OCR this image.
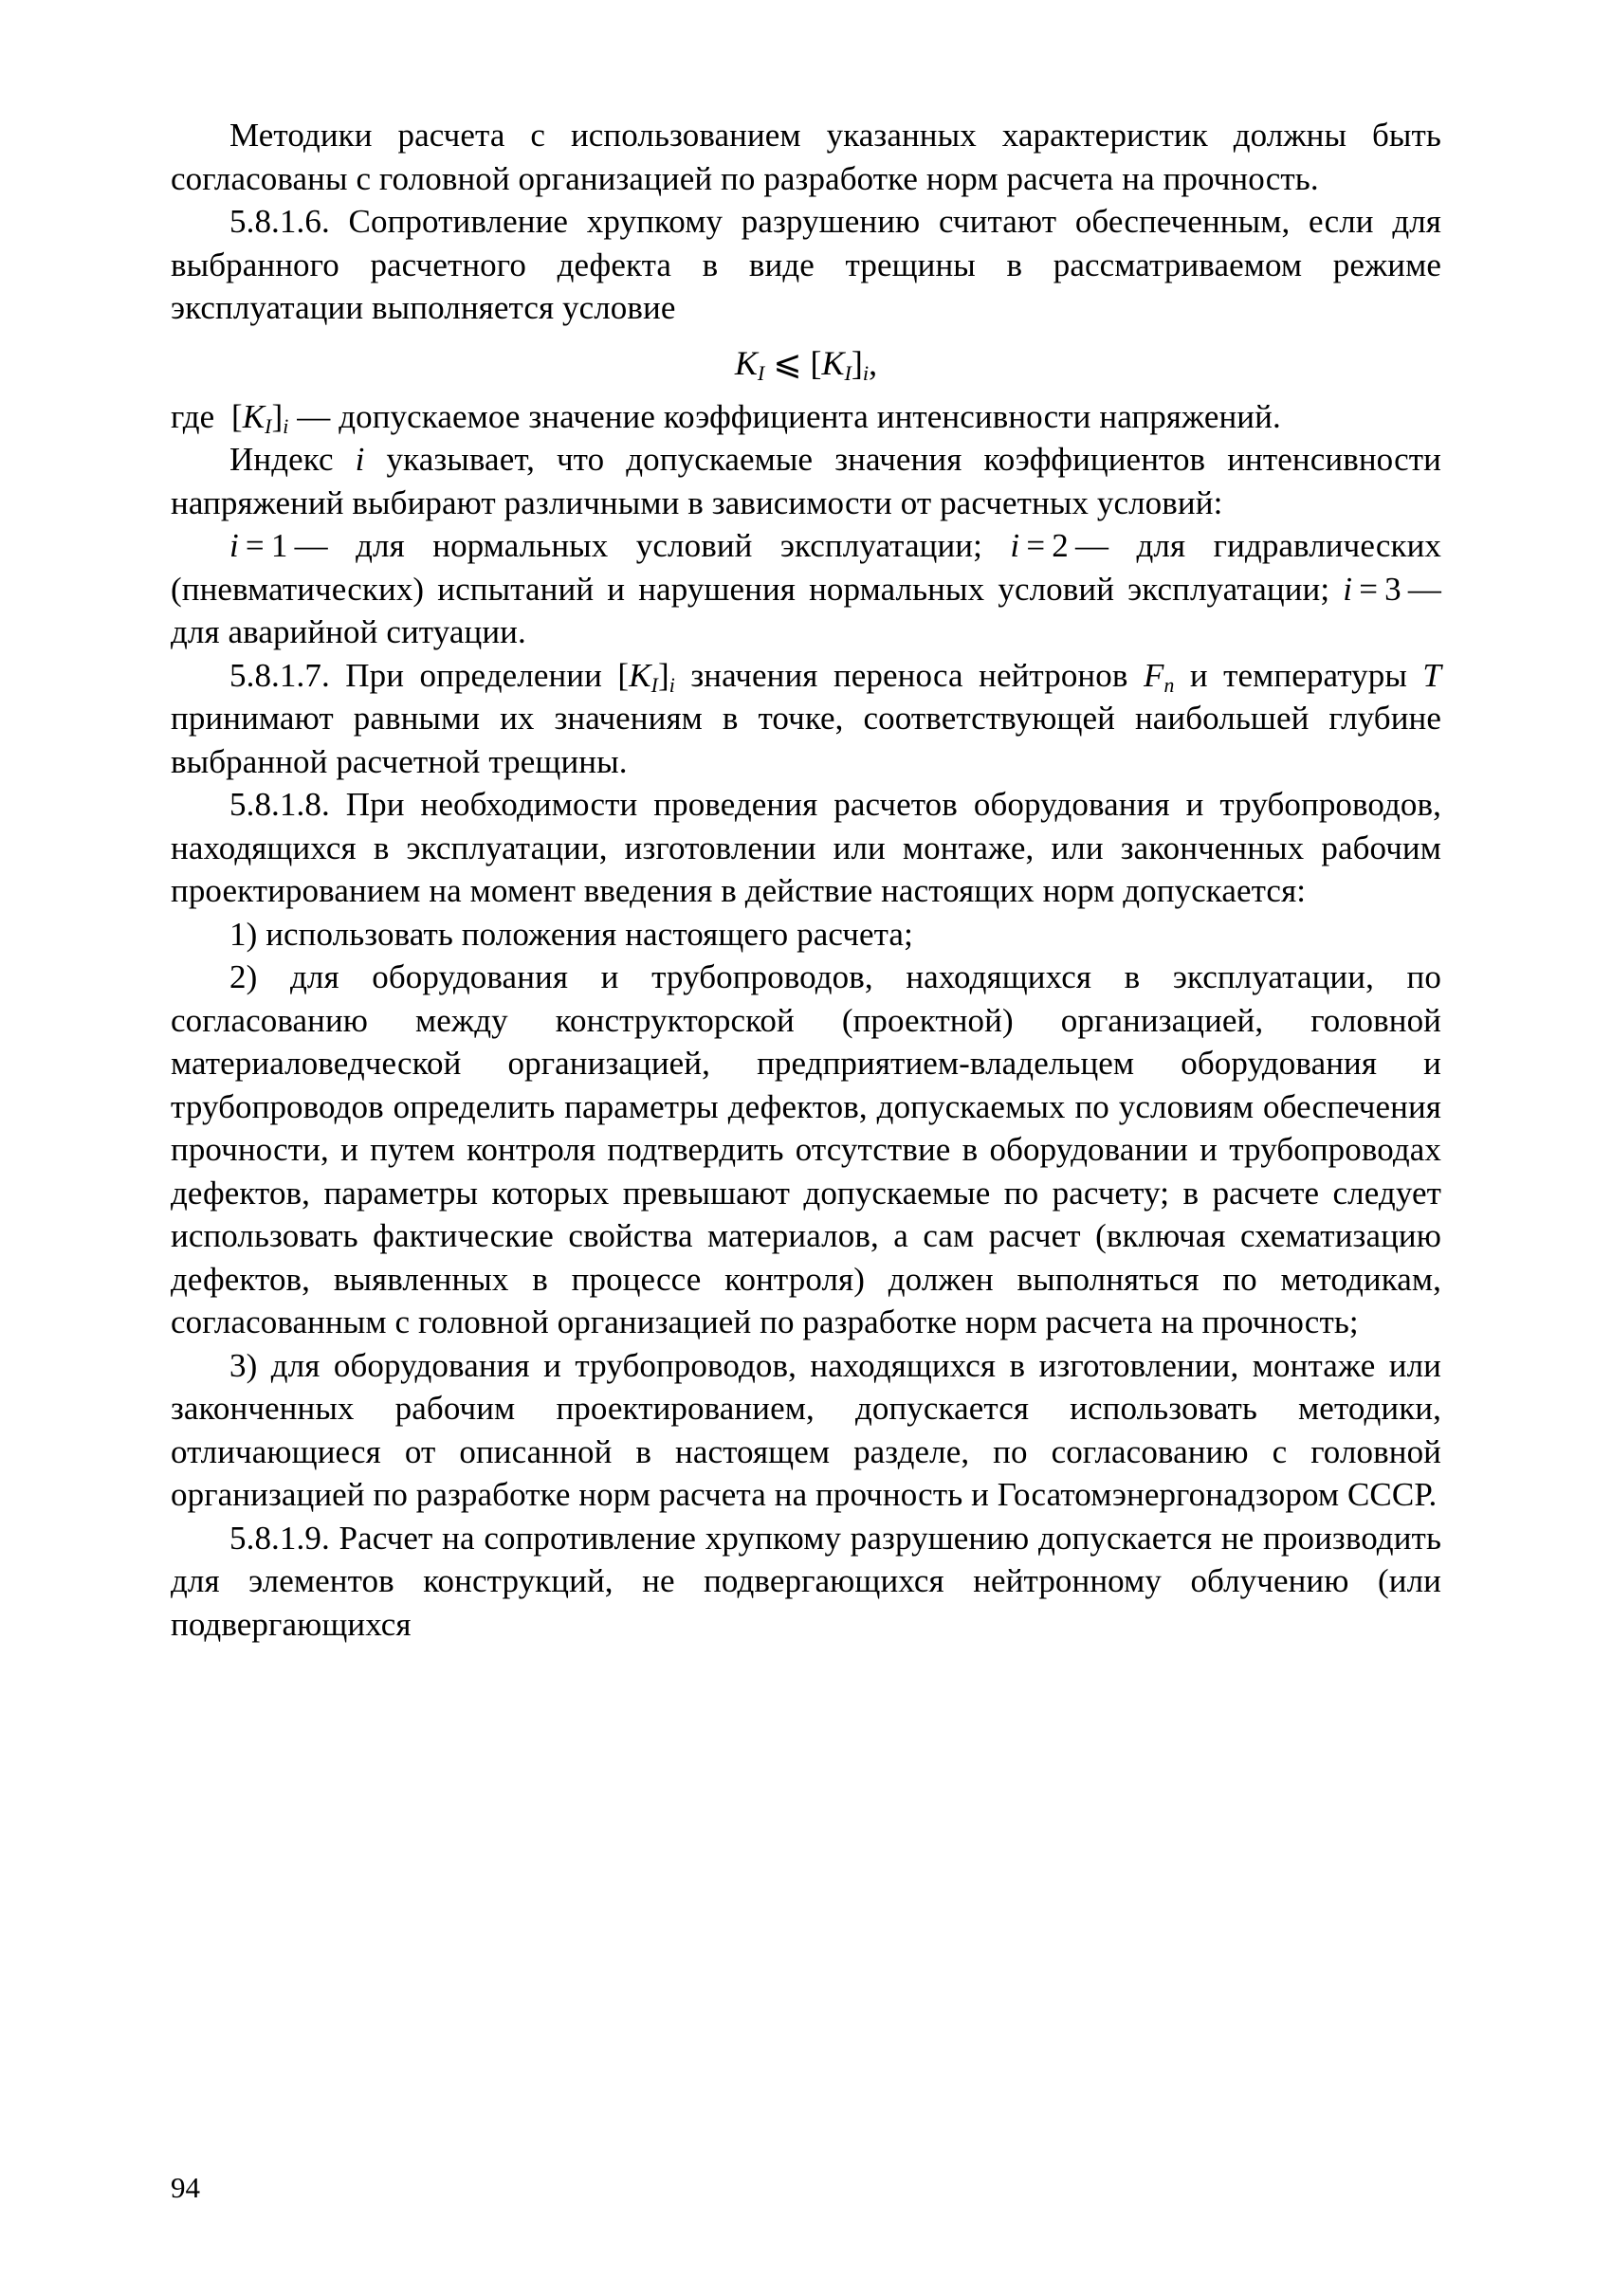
Методики расчета с использованием указанных характеристик должны быть согласованы с головной организацией по разработке норм расчета на прочность.

5.8.1.6. Сопротивление хрупкому разрушению считают обеспеченным, если для выбранного расчетного дефекта в виде трещины в рассматриваемом режиме эксплуатации выполняется условие

$K_I$ ⩽ $[K_I]_i$,

где  $[K_I]_i$ — допускаемое значение коэффициента интенсивности напряжений.

Индекс i указывает, что допускаемые значения коэффициентов интенсивности напряжений выбирают различными в зависимости от расчетных условий:

i = 1 — для нормальных условий эксплуатации; i = 2 — для гидравлических (пневматических) испытаний и нарушения нормальных условий эксплуатации; i = 3 — для аварийной ситуации.

5.8.1.7. При определении $[K_I]_i$ значения переноса нейтронов $F_n$ и температуры T принимают равными их значениям в точке, соответствующей наибольшей глубине выбранной расчетной трещины.

5.8.1.8. При необходимости проведения расчетов оборудования и трубопроводов, находящихся в эксплуатации, изготовлении или монтаже, или законченных рабочим проектированием на момент введения в действие настоящих норм допускается:

1) использовать положения настоящего расчета;

2) для оборудования и трубопроводов, находящихся в эксплуатации, по согласованию между конструкторской (проектной) организацией, головной материаловедческой организацией, предприятием-владельцем оборудования и трубопроводов определить параметры дефектов, допускаемых по условиям обеспечения прочности, и путем контроля подтвердить отсутствие в оборудовании и трубопроводах дефектов, параметры которых превышают допускаемые по расчету; в расчете следует использовать фактические свойства материалов, а сам расчет (включая схематизацию дефектов, выявленных в процессе контроля) должен выполняться по методикам, согласованным с головной организацией по разработке норм расчета на прочность;

3) для оборудования и трубопроводов, находящихся в изготовлении, монтаже или законченных рабочим проектированием, допускается использовать методики, отличающиеся от описанной в настоящем разделе, по согласованию с головной организацией по разработке норм расчета на прочность и Госатомэнергонадзором СССР.

5.8.1.9. Расчет на сопротивление хрупкому разрушению допускается не производить для элементов конструкций, не подвергающихся нейтронному облучению (или подвергающихся

94
